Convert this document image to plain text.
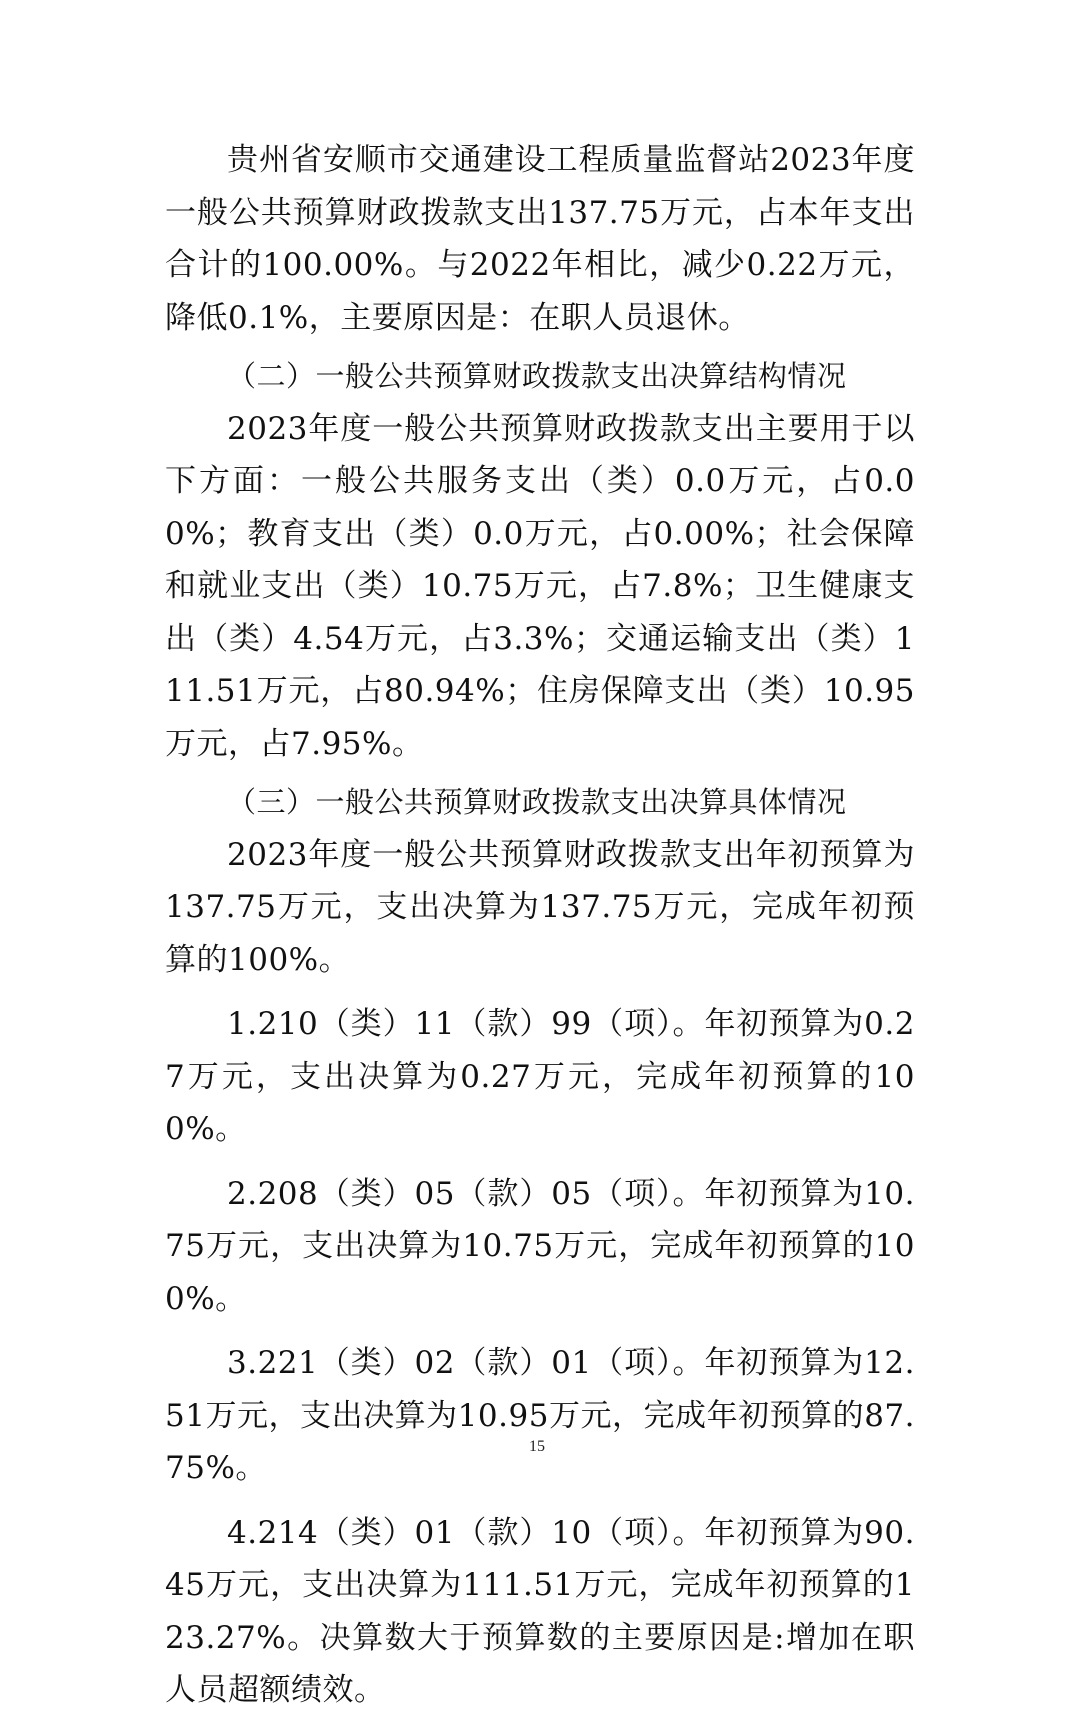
贵州省安顺市交通建设工程质量监督站2023年度一般公共预算财政拨款支出137.75万元，占本年支出合计的100.00%。与2022年相比，减少0.22万元，降低0.1%，主要原因是：在职人员退休。

（二）一般公共预算财政拨款支出决算结构情况

2023年度一般公共预算财政拨款支出主要用于以下方面：一般公共服务支出（类）0.0万元，占0.00%；教育支出（类）0.0万元，占0.00%；社会保障和就业支出（类）10.75万元，占7.8%；卫生健康支出（类）4.54万元，占3.3%；交通运输支出（类）111.51万元，占80.94%；住房保障支出（类）10.95万元，占7.95%。

（三）一般公共预算财政拨款支出决算具体情况

2023年度一般公共预算财政拨款支出年初预算为137.75万元，支出决算为137.75万元，完成年初预算的100%。

1.210（类）11（款）99（项）。年初预算为0.27万元，支出决算为0.27万元，完成年初预算的100%。

2.208（类）05（款）05（项）。年初预算为10.75万元，支出决算为10.75万元，完成年初预算的100%。

3.221（类）02（款）01（项）。年初预算为12.51万元，支出决算为10.95万元，完成年初预算的87.75%。

4.214（类）01（款）10（项）。年初预算为90.45万元，支出决算为111.51万元，完成年初预算的123.27%。决算数大于预算数的主要原因是:增加在职人员超额绩效。

15
